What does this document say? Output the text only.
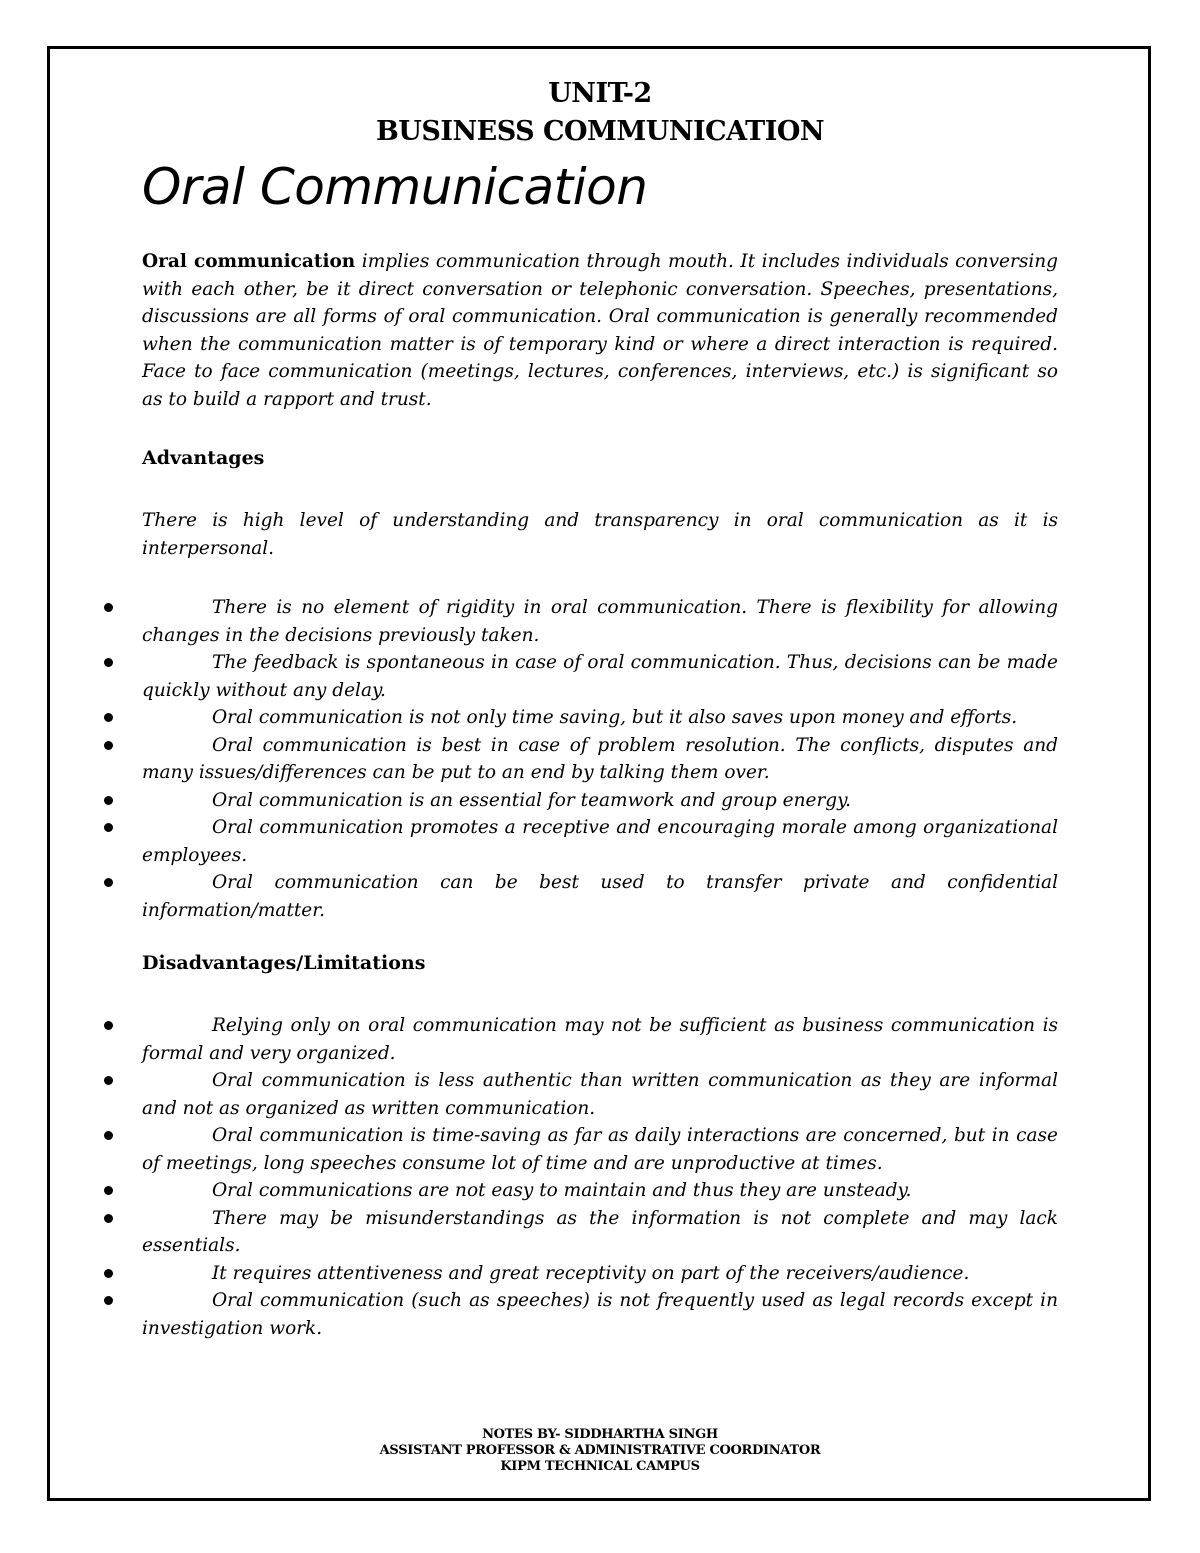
UNIT-2
BUSINESS COMMUNICATION
Oral Communication

Oral communication implies communication through mouth. It includes individuals conversing with each other, be it direct conversation or telephonic conversation. Speeches, presentations, discussions are all forms of oral communication. Oral communication is generally recommended when the communication matter is of temporary kind or where a direct interaction is required. Face to face communication (meetings, lectures, conferences, interviews, etc.) is significant so as to build a rapport and trust.

Advantages

There is high level of understanding and transparency in oral communication as it is interpersonal.

There is no element of rigidity in oral communication. There is flexibility for allowing changes in the decisions previously taken.
The feedback is spontaneous in case of oral communication. Thus, decisions can be made quickly without any delay.
Oral communication is not only time saving, but it also saves upon money and efforts.
Oral communication is best in case of problem resolution. The conflicts, disputes and many issues/differences can be put to an end by talking them over.
Oral communication is an essential for teamwork and group energy.
Oral communication promotes a receptive and encouraging morale among organizational employees.
Oral communication can be best used to transfer private and confidential information/matter.
Disadvantages/Limitations
Relying only on oral communication may not be sufficient as business communication is formal and very organized.
Oral communication is less authentic than written communication as they are informal and not as organized as written communication.
Oral communication is time-saving as far as daily interactions are concerned, but in case of meetings, long speeches consume lot of time and are unproductive at times.
Oral communications are not easy to maintain and thus they are unsteady.
There may be misunderstandings as the information is not complete and may lack essentials.
It requires attentiveness and great receptivity on part of the receivers/audience.
Oral communication (such as speeches) is not frequently used as legal records except in investigation work.
NOTES BY- SIDDHARTHA SINGH
ASSISTANT PROFESSOR & ADMINISTRATIVE COORDINATOR
KIPM TECHNICAL CAMPUS
